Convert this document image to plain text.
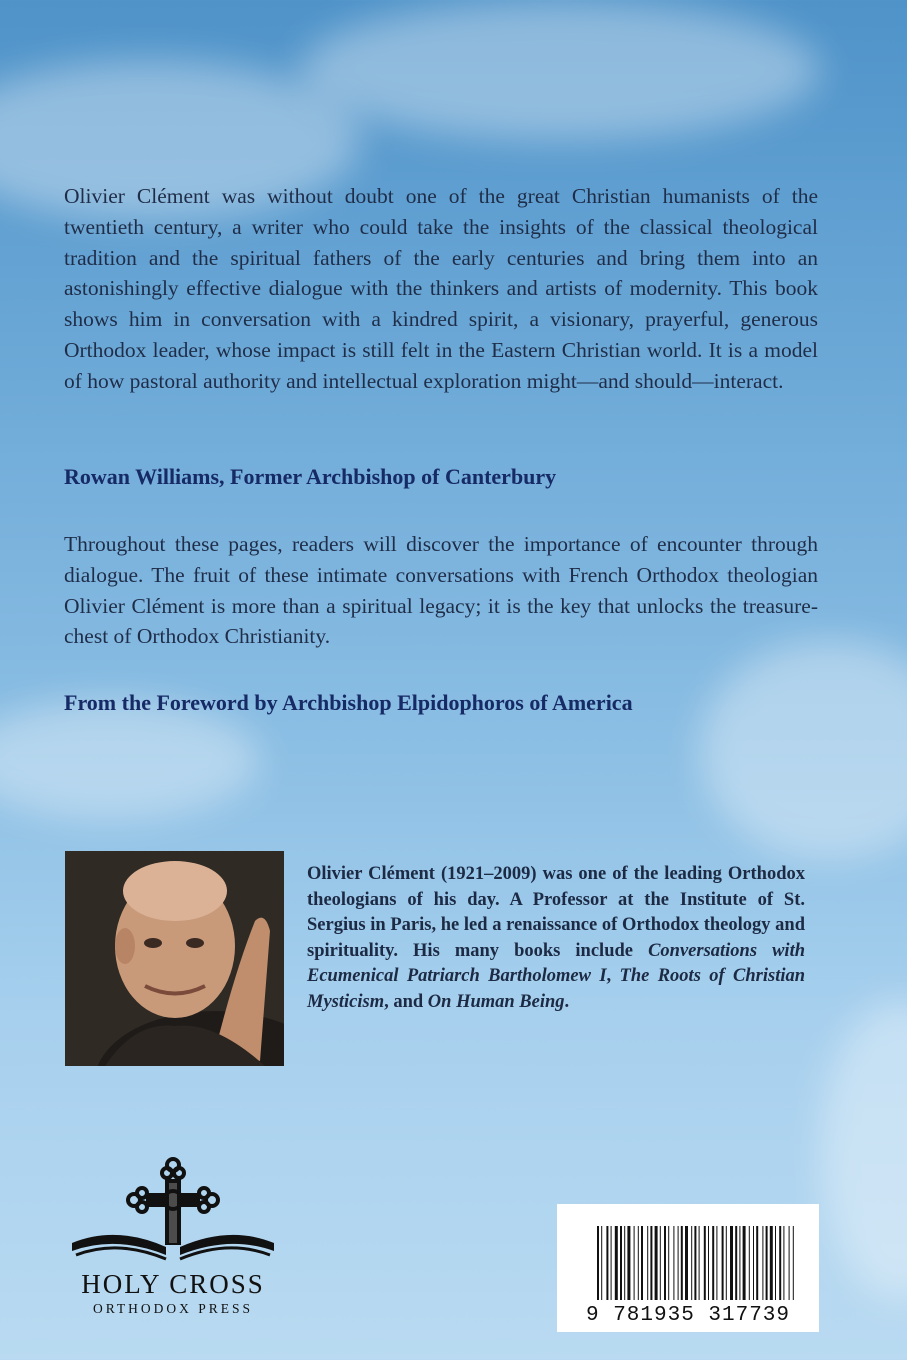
Olivier Clément was without doubt one of the great Christian humanists of the twentieth century, a writer who could take the insights of the classical theological tradition and the spiritual fathers of the early centuries and bring them into an astonishingly effective dialogue with the thinkers and artists of modernity. This book shows him in conversation with a kindred spirit, a visionary, prayerful, generous Orthodox leader, whose impact is still felt in the Eastern Christian world. It is a model of how pastoral authority and intellectual exploration might—and should—interact.

Rowan Williams, Former Archbishop of Canterbury

Throughout these pages, readers will discover the importance of encounter through dialogue. The fruit of these intimate conversations with French Orthodox theologian Olivier Clément is more than a spiritual legacy; it is the key that unlocks the treasure-chest of Orthodox Christianity.

From the Foreword by Archbishop Elpidophoros of America

Olivier Clément (1921–2009) was one of the leading Orthodox theologians of his day. A Professor at the Institute of St. Sergius in Paris, he led a renaissance of Orthodox theology and spirituality. His many books include Conversations with Ecumenical Patriarch Bartholomew I, The Roots of Christian Mysticism, and On Human Being.

HOLY CROSS
ORTHODOX PRESS	9 781935 317739
